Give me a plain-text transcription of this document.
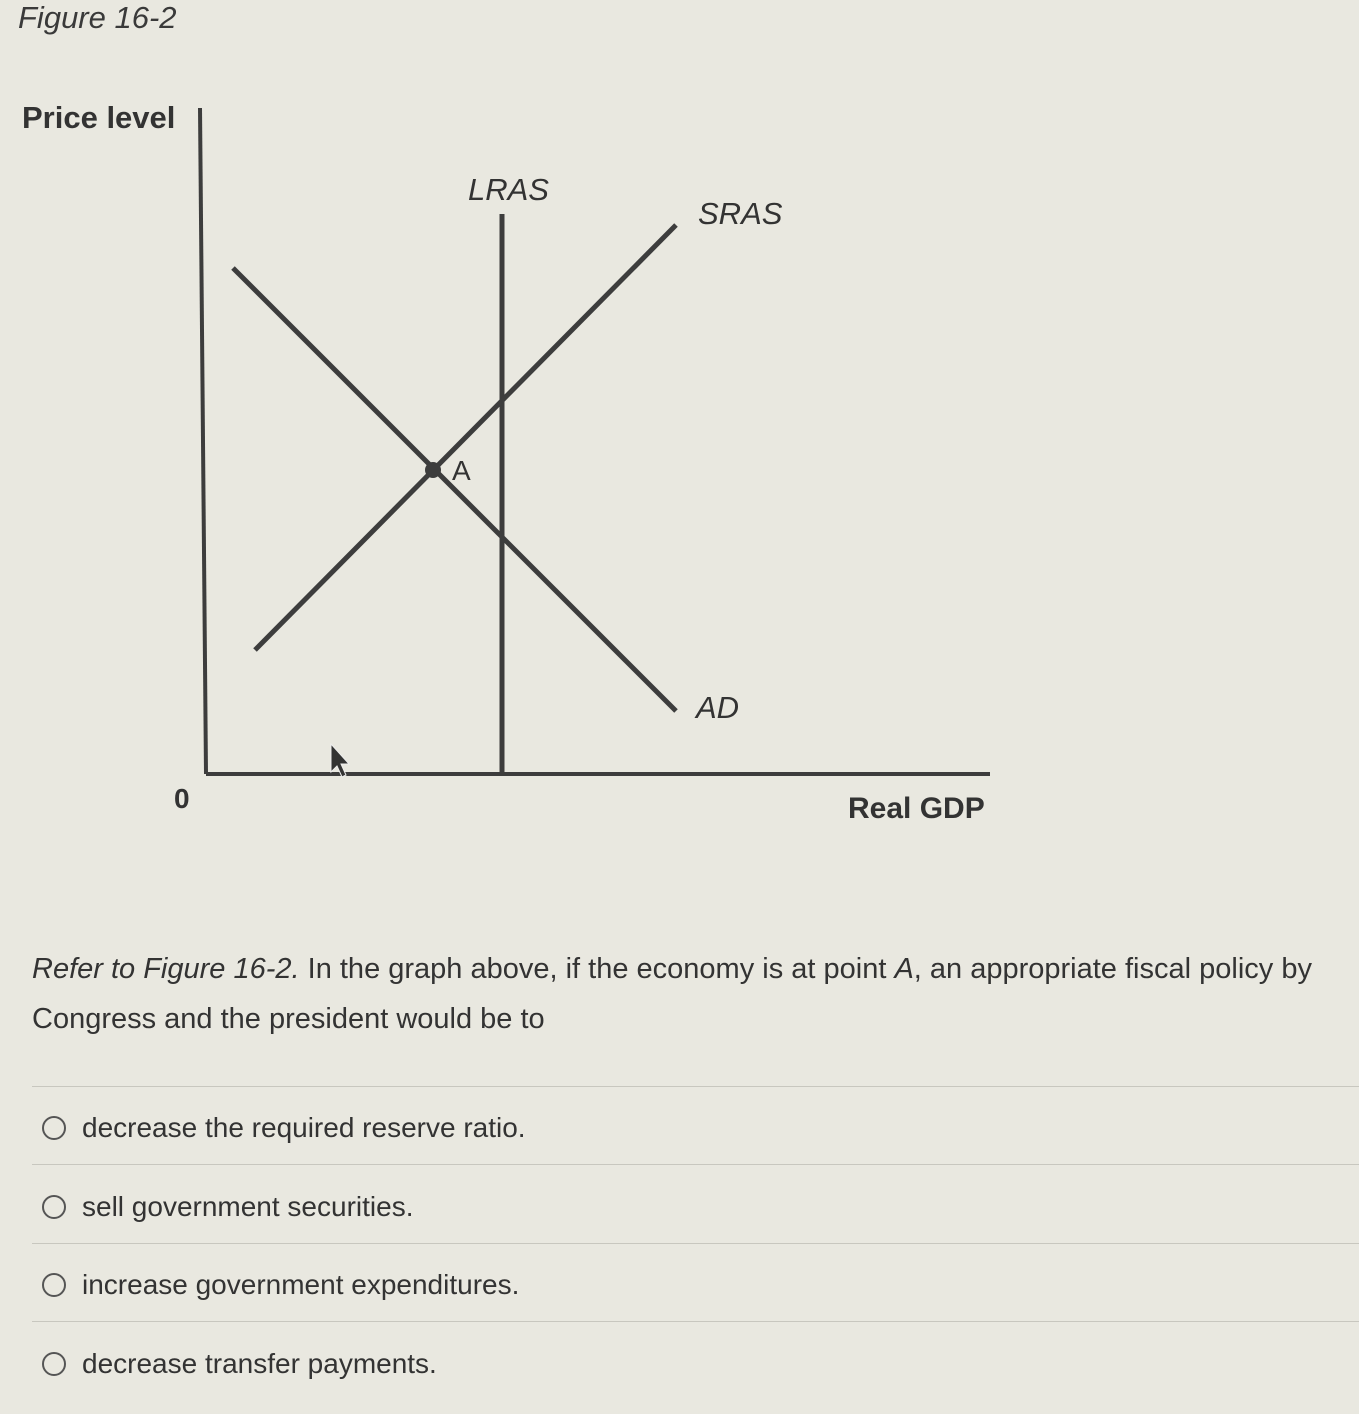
Figure 16-2
Price level
Real GDP
0
LRAS
SRAS
AD
A
Refer to Figure 16-2. In the graph above, if the economy is at point A, an appropriate fiscal policy by Congress and the president would be to
decrease the required reserve ratio.
sell government securities.
increase government expenditures.
decrease transfer payments.
